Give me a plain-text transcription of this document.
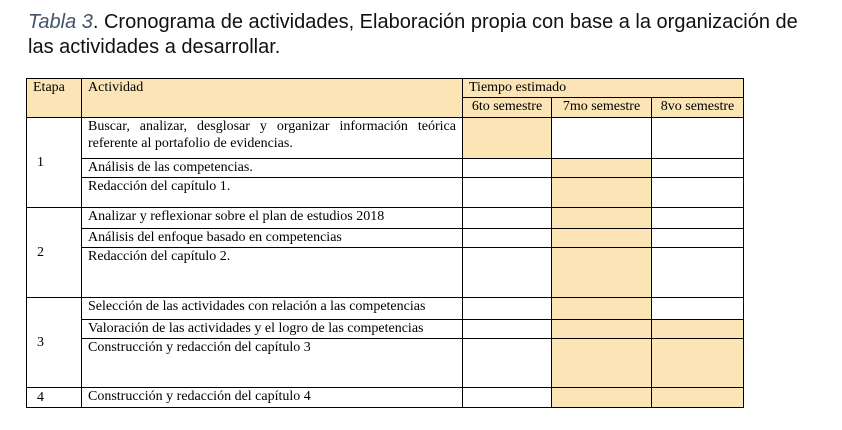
Tabla 3. Cronograma de actividades, Elaboración propia con base a la organización de las actividades a desarrollar.
Etapa	Actividad	Tiempo estimado		
		6to semestre	7mo semestre	8vo semestre
1	Buscar, analizar, desglosar y organizar información teórica referente al portafolio de evidencias.			
	Análisis de las competencias.			
	Redacción del capítulo 1.			
2	Analizar y reflexionar sobre el plan de estudios 2018			
	Análisis del enfoque basado en competencias			
	Redacción del capítulo 2.			
3	Selección de las actividades con relación a las competencias			
	Valoración de las actividades y el logro de las competencias			
	Construcción y redacción del capítulo 3			
4	Construcción y redacción del capítulo 4			
